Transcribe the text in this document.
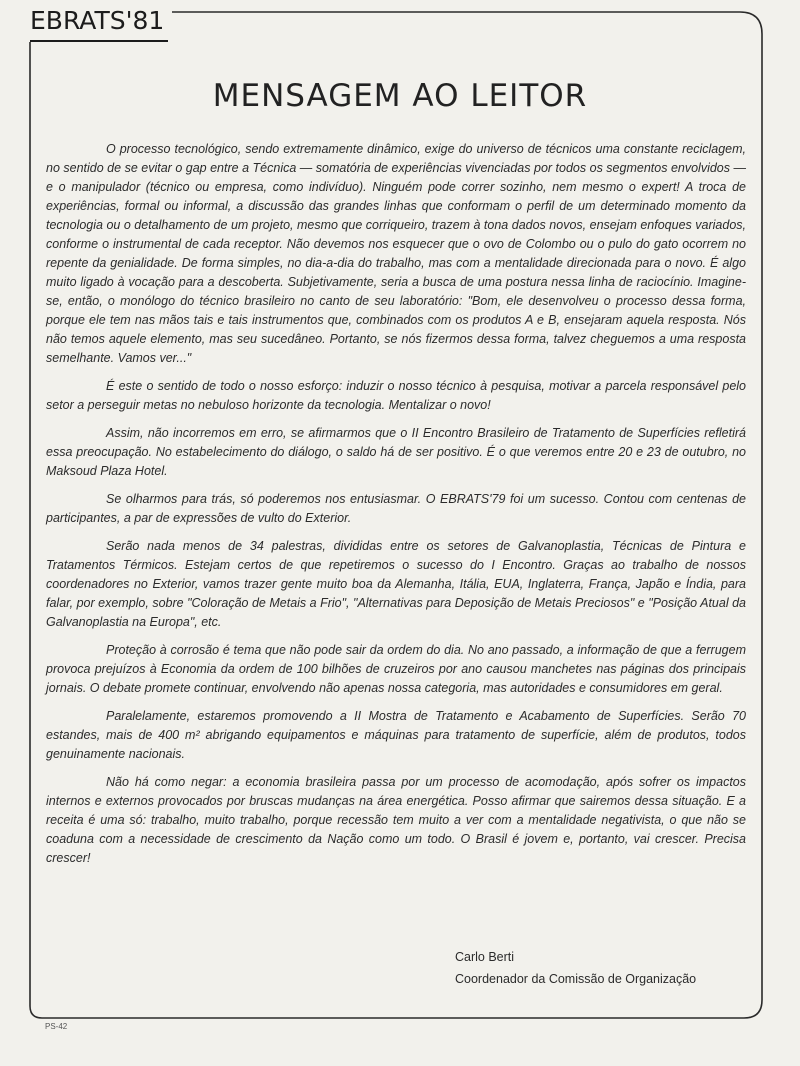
EBRATS'81
MENSAGEM AO LEITOR

O processo tecnológico, sendo extremamente dinâmico, exige do universo de técnicos uma constante reciclagem, no sentido de se evitar o gap entre a Técnica — somatória de experiências vivenciadas por todos os segmentos envolvidos — e o manipulador (técnico ou empresa, como indivíduo). Ninguém pode correr sozinho, nem mesmo o expert! A troca de experiências, formal ou informal, a discussão das grandes linhas que conformam o perfil de um determinado momento da tecnologia ou o detalhamento de um projeto, mesmo que corriqueiro, trazem à tona dados novos, ensejam enfoques variados, conforme o instrumental de cada receptor. Não devemos nos esquecer que o ovo de Colombo ou o pulo do gato ocorrem no repente da genialidade. De forma simples, no dia-a-dia do trabalho, mas com a mentalidade direcionada para o novo. É algo muito ligado à vocação para a descoberta. Subjetivamente, seria a busca de uma postura nessa linha de raciocínio. Imagine-se, então, o monólogo do técnico brasileiro no canto de seu laboratório: "Bom, ele desenvolveu o processo dessa forma, porque ele tem nas mãos tais e tais instrumentos que, combinados com os produtos A e B, ensejaram aquela resposta. Nós não temos aquele elemento, mas seu sucedâneo. Portanto, se nós fizermos dessa forma, talvez cheguemos a uma resposta semelhante. Vamos ver..."

É este o sentido de todo o nosso esforço: induzir o nosso técnico à pesquisa, motivar a parcela responsável pelo setor a perseguir metas no nebuloso horizonte da tecnologia. Mentalizar o novo!

Assim, não incorremos em erro, se afirmarmos que o II Encontro Brasileiro de Tratamento de Superfícies refletirá essa preocupação. No estabelecimento do diálogo, o saldo há de ser positivo. É o que veremos entre 20 e 23 de outubro, no Maksoud Plaza Hotel.

Se olharmos para trás, só poderemos nos entusiasmar. O EBRATS'79 foi um sucesso. Contou com centenas de participantes, a par de expressões de vulto do Exterior.

Serão nada menos de 34 palestras, divididas entre os setores de Galvanoplastia, Técnicas de Pintura e Tratamentos Térmicos. Estejam certos de que repetiremos o sucesso do I Encontro. Graças ao trabalho de nossos coordenadores no Exterior, vamos trazer gente muito boa da Alemanha, Itália, EUA, Inglaterra, França, Japão e Índia, para falar, por exemplo, sobre "Coloração de Metais a Frio", "Alternativas para Deposição de Metais Preciosos" e "Posição Atual da Galvanoplastia na Europa", etc.

Proteção à corrosão é tema que não pode sair da ordem do dia. No ano passado, a informação de que a ferrugem provoca prejuízos à Economia da ordem de 100 bilhões de cruzeiros por ano causou manchetes nas páginas dos principais jornais. O debate promete continuar, envolvendo não apenas nossa categoria, mas autoridades e consumidores em geral.

Paralelamente, estaremos promovendo a II Mostra de Tratamento e Acabamento de Superfícies. Serão 70 estandes, mais de 400 m² abrigando equipamentos e máquinas para tratamento de superfície, além de produtos, todos genuinamente nacionais.

Não há como negar: a economia brasileira passa por um processo de acomodação, após sofrer os impactos internos e externos provocados por bruscas mudanças na área energética. Posso afirmar que sairemos dessa situação. E a receita é uma só: trabalho, muito trabalho, porque recessão tem muito a ver com a mentalidade negativista, o que não se coaduna com a necessidade de crescimento da Nação como um todo. O Brasil é jovem e, portanto, vai crescer. Precisa crescer!

Carlo Berti
Coordenador da Comissão de Organização
PS-42
